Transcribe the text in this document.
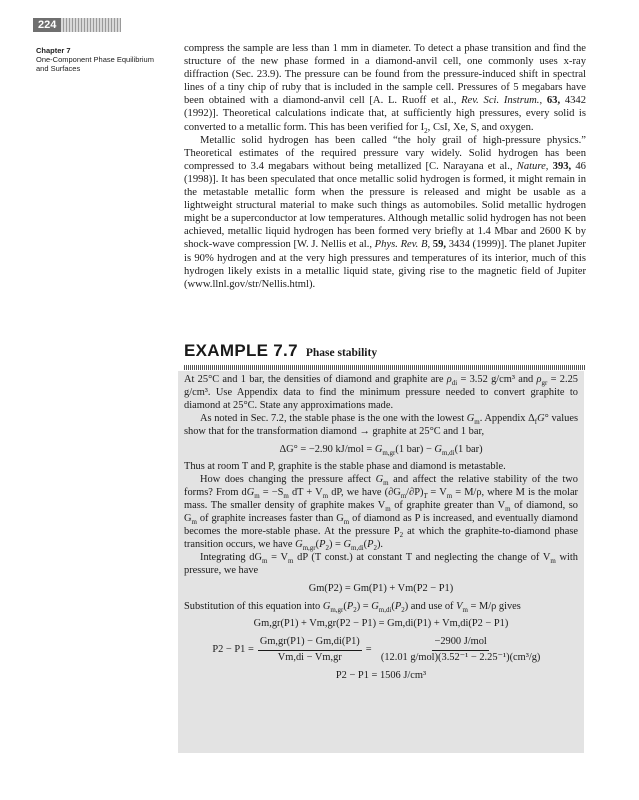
224
Chapter 7
One-Component Phase Equilibrium and Surfaces

compress the sample are less than 1 mm in diameter. To detect a phase transition and find the structure of the new phase formed in a diamond-anvil cell, one commonly uses x-ray diffraction (Sec. 23.9). The pressure can be found from the pressure-induced shift in spectral lines of a tiny chip of ruby that is included in the sample cell. Pressures of 5 megabars have been obtained with a diamond-anvil cell [A. L. Ruoff et al., Rev. Sci. Instrum., 63, 4342 (1992)]. Theoretical calculations indicate that, at sufficiently high pressures, every solid is converted to a metallic form. This has been verified for $I_2$, CsI, Xe, S, and oxygen.

Metallic solid hydrogen has been called “the holy grail of high-pressure physics.” Theoretical estimates of the required pressure vary widely. Solid hydrogen has been compressed to 3.4 megabars without being metallized [C. Narayana et al., Nature, 393, 46 (1998)]. It has been speculated that once metallic solid hydrogen is formed, it might remain in the metastable metallic form when the pressure is released and might be usable as a lightweight structural material to make such things as automobiles. Solid metallic hydrogen might be a superconductor at low temperatures. Although metallic solid hydrogen has not been achieved, metallic liquid hydrogen has been formed very briefly at 1.4 Mbar and 2600 K by shock-wave compression [W. J. Nellis et al., Phys. Rev. B, 59, 3434 (1999)]. The planet Jupiter is 90% hydrogen and at the very high pressures and temperatures of its interior, much of this hydrogen likely exists in a metallic liquid state, giving rise to the magnetic field of Jupiter (www.llnl.gov/str/Nellis.html).

EXAMPLE 7.7 Phase stability

At 25°C and 1 bar, the densities of diamond and graphite are $\rho_{di} = 3.52$ g/cm³ and $\rho_{gr} = 2.25$ g/cm³. Use Appendix data to find the minimum pressure needed to convert graphite to diamond at 25°C. State any approximations made.

As noted in Sec. 7.2, the stable phase is the one with the lowest $G_m$. Appendix $\Delta_fG^\circ$ values show that for the transformation diamond → graphite at 25°C and 1 bar,

ΔG° = −2.90 $kJ/mol = G_{m,gr}(1$ $bar) - G_{m,di}(1$ bar)

Thus at room T and P, graphite is the stable phase and diamond is metastable.

How does changing the pressure affect $G_m$ and affect the relative stability of the two forms? From $dG_m = -S_m$ dT + $V_m$ dP, we have $(\partial G_m/\partial P)_T = V_m = M/\rho$, where M is the molar mass. The smaller density of graphite makes $V_m$ of graphite greater than $V_m$ of diamond, so $G_m$ of graphite increases faster than $G_m$ of diamond as P is increased, and eventually diamond becomes the more-stable phase. At the pressure $P_2$ at which the graphite-to-diamond phase transition occurs, we have $G_{m,gr}(P_2) = G_{m,di}(P_2)$.

Integrating $dG_m = V_m$ dP (T const.) at constant T and neglecting the change of $V_m$ with pressure, we have

Gm(P2) = Gm(P1) + Vm(P2 − P1)

Substitution of this equation into $G_{m,gr}(P_2) = G_{m,di}(P_2)$ and use of $V_m = M/\rho$ gives

Gm,gr(P1) + Vm,gr(P2 − P1) = Gm,di(P1) + Vm,di(P2 − P1)

$P2 - P1 = \frac{Gm,gr(P1) - Gm,di(P1)}{Vm,di - Vm,gr} = \frac{\text{−2900 J/mol}}{\text{(12.01 g/mol)(3.52⁻¹ − 2.25⁻¹)(cm³/g)}}$

P2 − P1 = 1506 J/cm³
